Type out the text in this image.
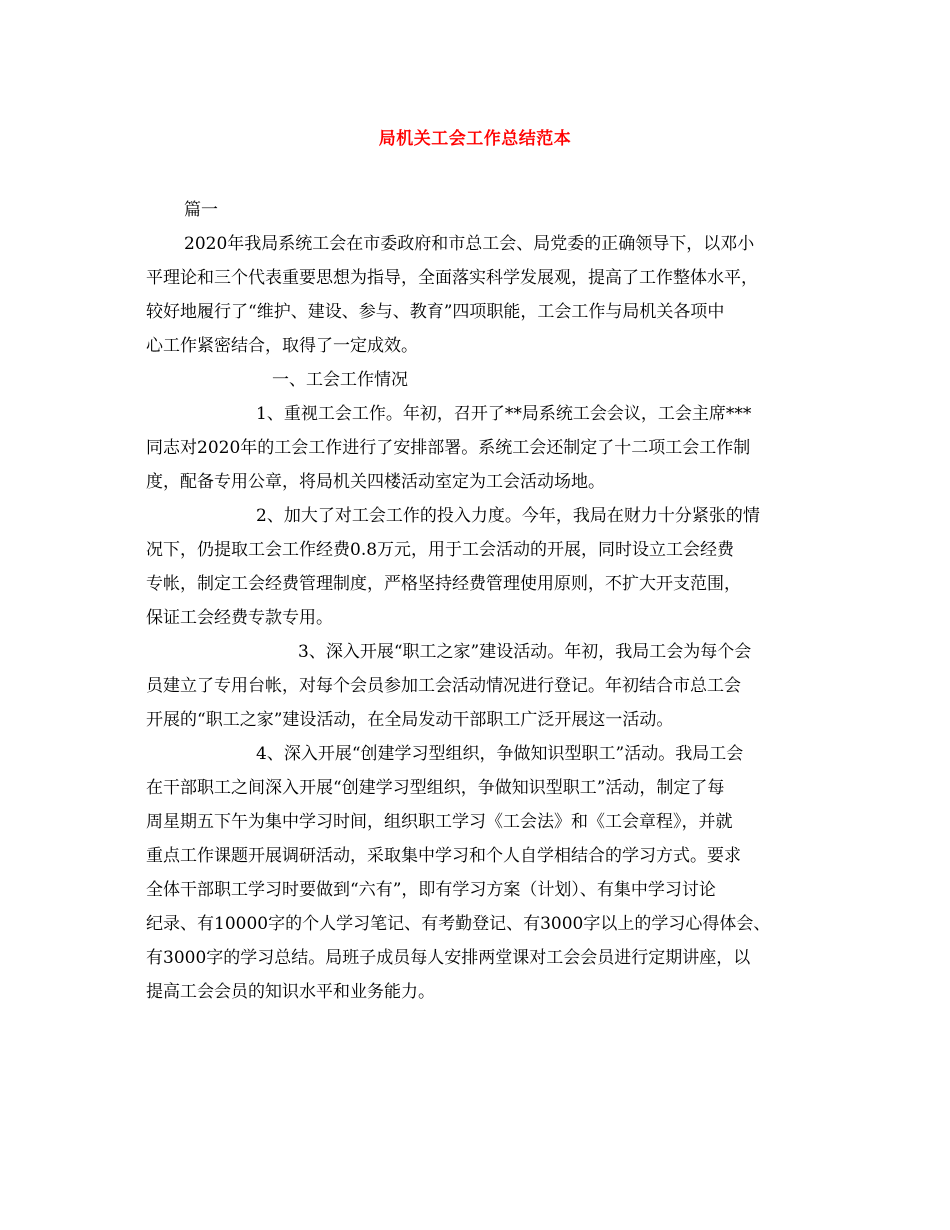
局机关工会工作总结范本
篇一
2020年我局系统工会在市委政府和市总工会、局党委的正确领导下，以邓小
平理论和三个代表重要思想为指导，全面落实科学发展观，提高了工作整体水平，
较好地履行了“维护、建设、参与、教育”四项职能，工会工作与局机关各项中
心工作紧密结合，取得了一定成效。
一、工会工作情况
1、重视工会工作。年初，召开了**局系统工会会议，工会主席***
同志对2020年的工会工作进行了安排部署。系统工会还制定了十二项工会工作制
度，配备专用公章，将局机关四楼活动室定为工会活动场地。
2、加大了对工会工作的投入力度。今年，我局在财力十分紧张的情
况下，仍提取工会工作经费0.8万元，用于工会活动的开展，同时设立工会经费
专帐，制定工会经费管理制度，严格坚持经费管理使用原则，不扩大开支范围，
保证工会经费专款专用。
3、深入开展“职工之家”建设活动。年初，我局工会为每个会
员建立了专用台帐，对每个会员参加工会活动情况进行登记。年初结合市总工会
开展的“职工之家”建设活动，在全局发动干部职工广泛开展这一活动。
4、深入开展“创建学习型组织，争做知识型职工”活动。我局工会
在干部职工之间深入开展“创建学习型组织，争做知识型职工”活动，制定了每
周星期五下午为集中学习时间，组织职工学习《工会法》和《工会章程》，并就
重点工作课题开展调研活动，采取集中学习和个人自学相结合的学习方式。要求
全体干部职工学习时要做到“六有”，即有学习方案（计划）、有集中学习讨论
纪录、有10000字的个人学习笔记、有考勤登记、有3000字以上的学习心得体会、
有3000字的学习总结。局班子成员每人安排两堂课对工会会员进行定期讲座，以
提高工会会员的知识水平和业务能力。
